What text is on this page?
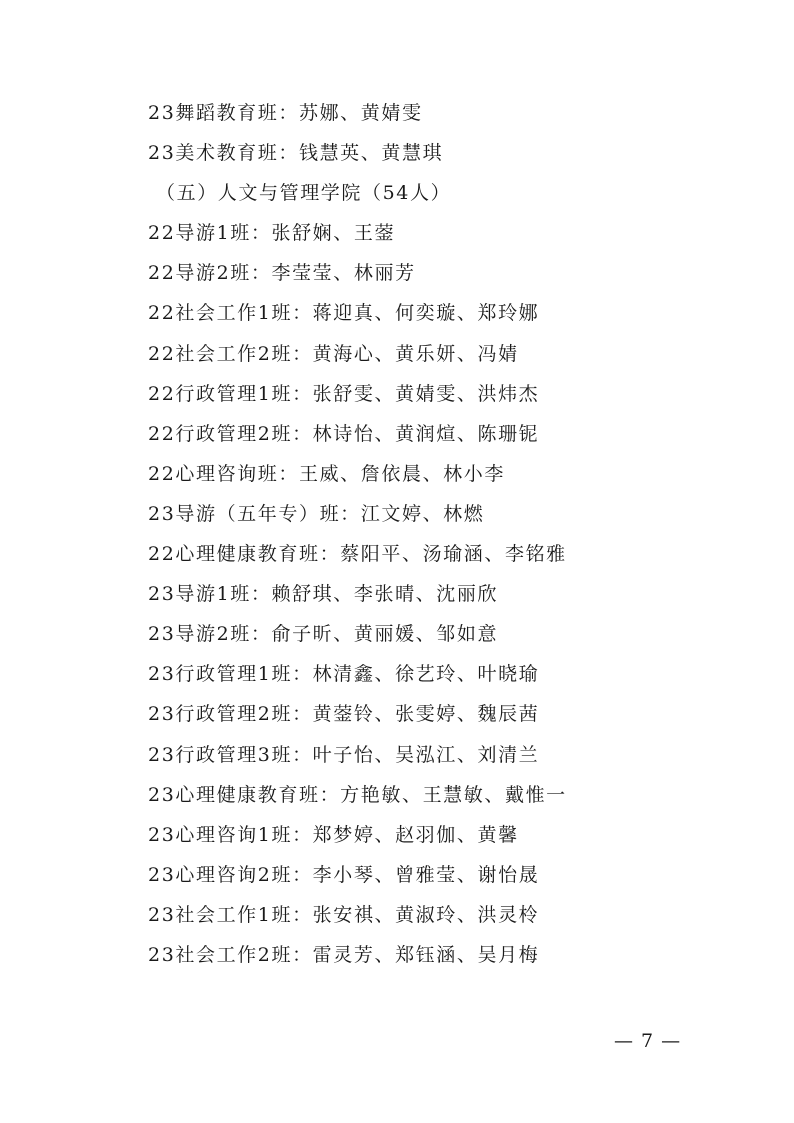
23舞蹈教育班：苏娜、黄婧雯
23美术教育班：钱慧英、黄慧琪
（五）人文与管理学院（54人）
22导游1班：张舒娴、王蓥
22导游2班：李莹莹、林丽芳
22社会工作1班：蒋迎真、何奕璇、郑玲娜
22社会工作2班：黄海心、黄乐妍、冯婧
22行政管理1班：张舒雯、黄婧雯、洪炜杰
22行政管理2班：林诗怡、黄润煊、陈珊铌
22心理咨询班：王威、詹依晨、林小李
23导游（五年专）班：江文婷、林燃
22心理健康教育班：蔡阳平、汤瑜涵、李铭雅
23导游1班：赖舒琪、李张晴、沈丽欣
23导游2班：俞子昕、黄丽媛、邹如意
23行政管理1班：林清鑫、徐艺玲、叶晓瑜
23行政管理2班：黄蓥铃、张雯婷、魏辰茜
23行政管理3班：叶子怡、吴泓江、刘清兰
23心理健康教育班：方艳敏、王慧敏、戴惟一
23心理咨询1班：郑梦婷、赵羽伽、黄馨
23心理咨询2班：李小琴、曾雅莹、谢怡晟
23社会工作1班：张安祺、黄淑玲、洪灵柃
23社会工作2班：雷灵芳、郑钰涵、吴月梅
— 7 —
